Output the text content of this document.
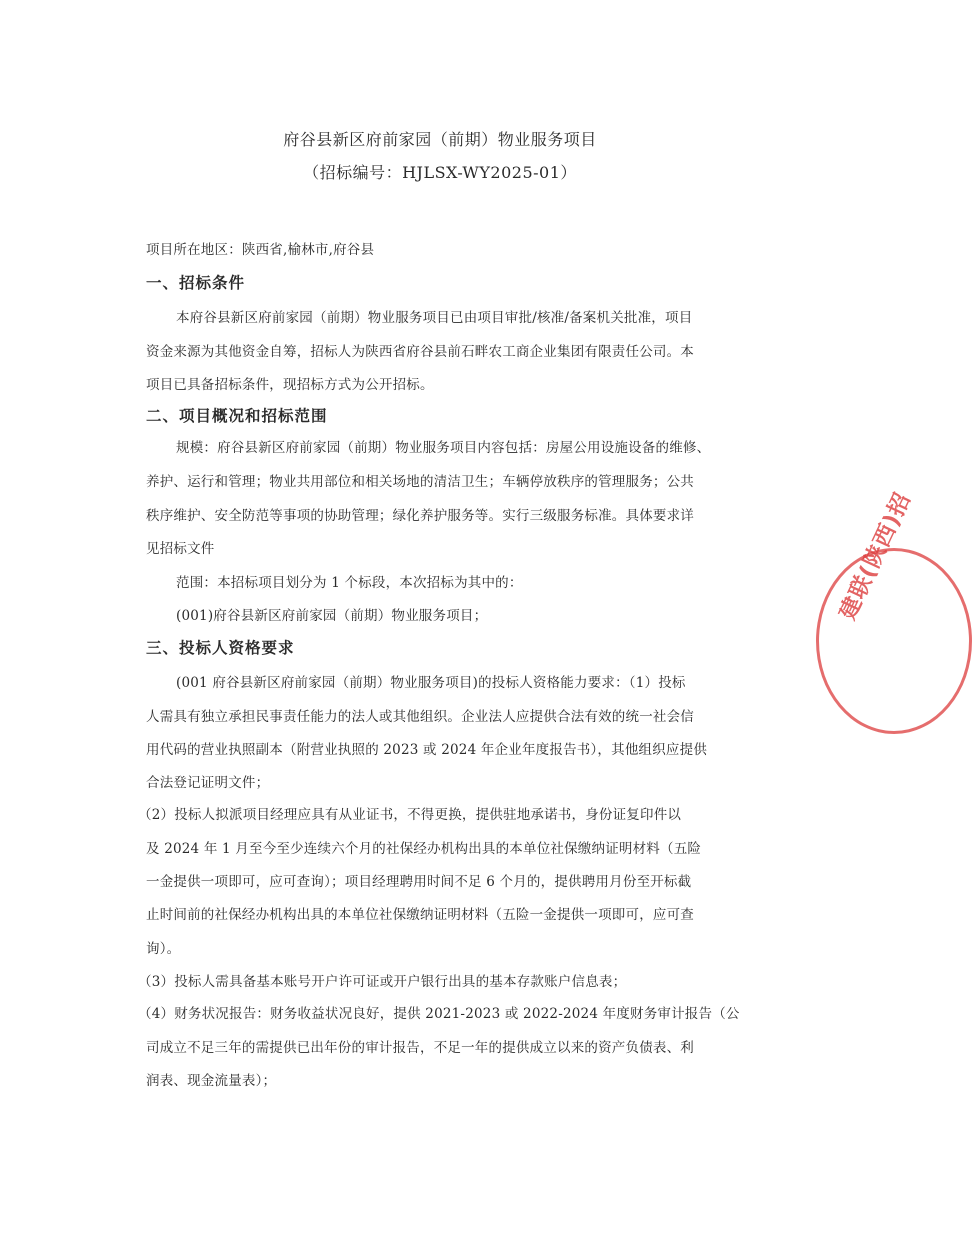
府谷县新区府前家园（前期）物业服务项目
（招标编号：HJLSX-WY2025-01）
项目所在地区：陕西省,榆林市,府谷县
一、招标条件
本府谷县新区府前家园（前期）物业服务项目已由项目审批/核准/备案机关批准，项目
资金来源为其他资金自筹，招标人为陕西省府谷县前石畔农工商企业集团有限责任公司。本
项目已具备招标条件，现招标方式为公开招标。
二、项目概况和招标范围
规模：府谷县新区府前家园（前期）物业服务项目内容包括：房屋公用设施设备的维修、
养护、运行和管理；物业共用部位和相关场地的清洁卫生；车辆停放秩序的管理服务；公共
秩序维护、安全防范等事项的协助管理；绿化养护服务等。实行三级服务标准。具体要求详
见招标文件
范围：本招标项目划分为 1 个标段，本次招标为其中的：
(001)府谷县新区府前家园（前期）物业服务项目；
三、投标人资格要求
(001 府谷县新区府前家园（前期）物业服务项目)的投标人资格能力要求：（1）投标
人需具有独立承担民事责任能力的法人或其他组织。企业法人应提供合法有效的统一社会信
用代码的营业执照副本（附营业执照的 2023 或 2024 年企业年度报告书），其他组织应提供
合法登记证明文件；
（2）投标人拟派项目经理应具有从业证书，不得更换，提供驻地承诺书，身份证复印件以
及 2024 年 1 月至今至少连续六个月的社保经办机构出具的本单位社保缴纳证明材料（五险
一金提供一项即可，应可查询）；项目经理聘用时间不足 6 个月的，提供聘用月份至开标截
止时间前的社保经办机构出具的本单位社保缴纳证明材料（五险一金提供一项即可，应可查
询）。
（3）投标人需具备基本账号开户许可证或开户银行出具的基本存款账户信息表；
（4）财务状况报告：财务收益状况良好，提供 2021-2023 或 2022-2024 年度财务审计报告（公
司成立不足三年的需提供已出年份的审计报告，不足一年的提供成立以来的资产负债表、利
润表、现金流量表）；
建联(陕西)招
